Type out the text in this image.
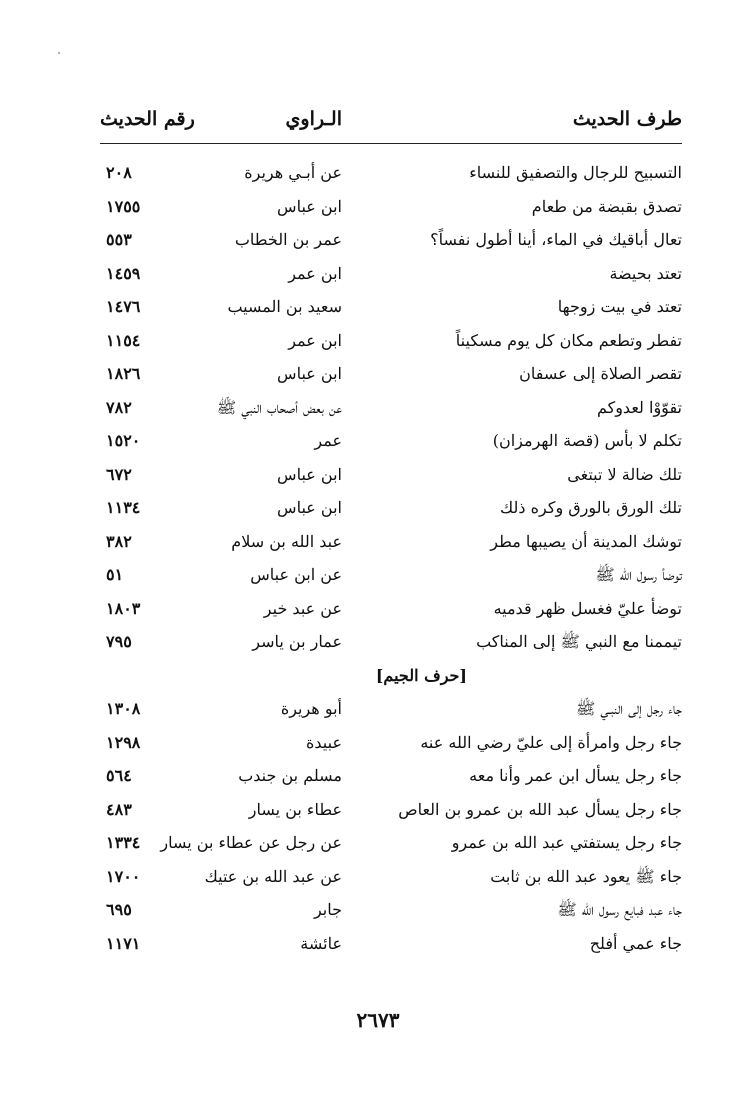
طرف الحديث
الـراوي
رقم الحديث
التسبيح للرجال والتصفيق للنساء
عن أبـي هريرة
٢٠٨
تصدق بقبضة من طعام
ابن عباس
١٧٥٥
تعال أباقيك في الماء، أينا أطول نفساً؟
عمر بن الخطاب
٥٥٣
تعتد بحيضة
ابن عمر
١٤٥٩
تعتد في بيت زوجها
سعيد بن المسيب
١٤٧٦
تفطر وتطعم مكان كل يوم مسكيناً
ابن عمر
١١٥٤
تقصر الصلاة إلى عسفان
ابن عباس
١٨٢٦
تقوّوْا لعدوكم
عن بعض أصحاب النبي ﷺ
٧٨٢
تكلم لا بأس (قصة الهرمزان)
عمر
١٥٢٠
تلك ضالة لا تبتغى
ابن عباس
٦٧٢
تلك الورق بالورق وكره ذلك
ابن عباس
١١٣٤
توشك المدينة أن يصيبها مطر
عبد الله بن سلام
٣٨٢
توضأ رسول الله ﷺ
عن ابن عباس
٥١
توضأ عليّ فغسل ظهر قدميه
عن عبد خير
١٨٠٣
تيممنا مع النبي ﷺ إلى المناكب
عمار بن ياسر
٧٩٥
[حرف الجيم]
جاء رجل إلى النبـي ﷺ
أبو هريرة
١٣٠٨
جاء رجل وامرأة إلى عليّ رضي الله عنه
عبيدة
١٢٩٨
جاء رجل يسأل ابن عمر وأنا معه
مسلم بن جندب
٥٦٤
جاء رجل يسأل عبد الله بن عمرو بن العاص
عطاء بن يسار
٤٨٣
جاء رجل يستفتي عبد الله بن عمرو
عن رجل عن عطاء بن يسار
١٣٣٤
جاء ﷺ يعود عبد الله بن ثابت
عن عبد الله بن عتيك
١٧٠٠
جاء عبد فبايع رسول الله ﷺ
جابر
٦٩٥
جاء عمي أفلح
عائشة
١١٧١
٢٦٧٣
